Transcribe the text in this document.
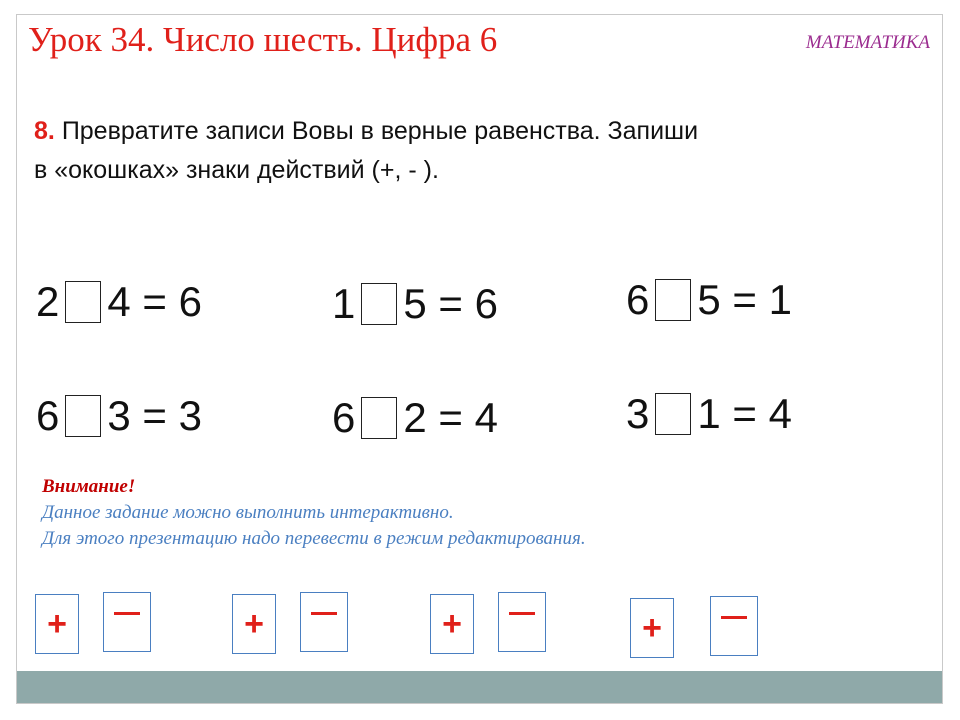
Урок 34. Число шесть. Цифра 6	МАТЕМАТИКА
8. Превратите записи Вовы в верные равенства. Запиши
в «окошках» знаки действий (+, - ).
2 4 = 6	1 5 = 6	6 5 = 1
6 3 = 3	6 2 = 4	3 1 = 4
Внимание!
Данное задание можно выполнить интерактивно.
Для этого презентацию надо перевести в режим редактирования.
+	+	+	+
